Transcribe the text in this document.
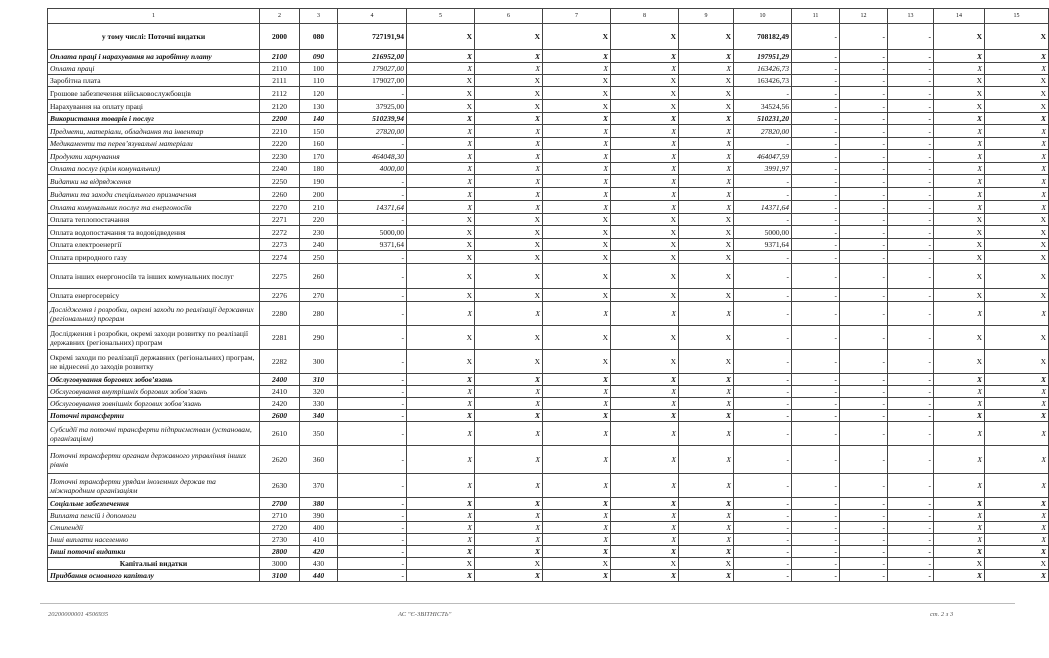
1	2	3	4	5	6	7	8	9	10	11	12	13	14	15
у тому числі: Поточні видатки	2000	080	727191,94	X	X	X	X	X	708182,49	-	-	-	X	X
Оплата праці і нарахування на заробітну плату	2100	090	216952,00	X	X	X	X	X	197951,29	-	-	-	X	X
Оплата праці	2110	100	179027,00	X	X	X	X	X	163426,73	-	-	-	X	X
Заробітна плата	2111	110	179027,00	X	X	X	X	X	163426,73	-	-	-	X	X
Грошове забезпечення військовослужбовців	2112	120	-	X	X	X	X	X	-	-	-	-	X	X
Нарахування на оплату праці	2120	130	37925,00	X	X	X	X	X	34524,56	-	-	-	X	X
Використання товарів і послуг	2200	140	510239,94	X	X	X	X	X	510231,20	-	-	-	X	X
Предмети, матеріали, обладнання та інвентар	2210	150	27820,00	X	X	X	X	X	27820,00	-	-	-	X	X
Медикаменти та перев’язувальні матеріали	2220	160	-	X	X	X	X	X	-	-	-	-	X	X
Продукти харчування	2230	170	464048,30	X	X	X	X	X	464047,59	-	-	-	X	X
Оплата послуг (крім комунальних)	2240	180	4000,00	X	X	X	X	X	3991,97	-	-	-	X	X
Видатки на відрядження	2250	190	-	X	X	X	X	X	-	-	-	-	X	X
Видатки та заходи спеціального призначення	2260	200	-	X	X	X	X	X	-	-	-	-	X	X
Оплата комунальних послуг та енергоносіїв	2270	210	14371,64	X	X	X	X	X	14371,64	-	-	-	X	X
Оплата теплопостачання	2271	220	-	X	X	X	X	X	-	-	-	-	X	X
Оплата водопостачання та водовідведення	2272	230	5000,00	X	X	X	X	X	5000,00	-	-	-	X	X
Оплата електроенергії	2273	240	9371,64	X	X	X	X	X	9371,64	-	-	-	X	X
Оплата природного газу	2274	250	-	X	X	X	X	X	-	-	-	-	X	X
Оплата інших енергоносіїв та інших комунальних послуг	2275	260	-	X	X	X	X	X	-	-	-	-	X	X
Оплата енергосервісу	2276	270	-	X	X	X	X	X	-	-	-	-	X	X
Дослідження і розробки, окремі заходи по реалізації державних (регіональних) програм	2280	280	-	X	X	X	X	X	-	-	-	-	X	X
Дослідження і розробки, окремі заходи розвитку по реалізації державних (регіональних) програм	2281	290	-	X	X	X	X	X	-	-	-	-	X	X
Окремі заходи по реалізації державних (регіональних) програм, не віднесені до заходів розвитку	2282	300	-	X	X	X	X	X	-	-	-	-	X	X
Обслуговування боргових зобов’язань	2400	310	-	X	X	X	X	X	-	-	-	-	X	X
Обслуговування внутрішніх боргових зобов’язань	2410	320	-	X	X	X	X	X	-	-	-	-	X	X
Обслуговування зовнішніх боргових зобов’язань	2420	330	-	X	X	X	X	X	-	-	-	-	X	X
Поточні трансферти	2600	340	-	X	X	X	X	X	-	-	-	-	X	X
Субсидії та поточні трансферти підприємствам (установам, організаціям)	2610	350	-	X	X	X	X	X	-	-	-	-	X	X
Поточні трансферти органам державного управління інших рівнів	2620	360	-	X	X	X	X	X	-	-	-	-	X	X
Поточні трансферти урядам іноземних держав та міжнародним організаціям	2630	370	-	X	X	X	X	X	-	-	-	-	X	X
Соціальне забезпечення	2700	380	-	X	X	X	X	X	-	-	-	-	X	X
Виплата пенсій і допомоги	2710	390	-	X	X	X	X	X	-	-	-	-	X	X
Стипендії	2720	400	-	X	X	X	X	X	-	-	-	-	X	X
Інші виплати населенню	2730	410	-	X	X	X	X	X	-	-	-	-	X	X
Інші поточні видатки	2800	420	-	X	X	X	X	X	-	-	-	-	X	X
Капітальні видатки	3000	430	-	X	X	X	X	X	-	-	-	-	X	X
Придбання основного капіталу	3100	440	-	X	X	X	X	X	-	-	-	-	X	X
20200000001 4506935	АС "Є-ЗВІТНІСТЬ"	ст. 2 з 3
